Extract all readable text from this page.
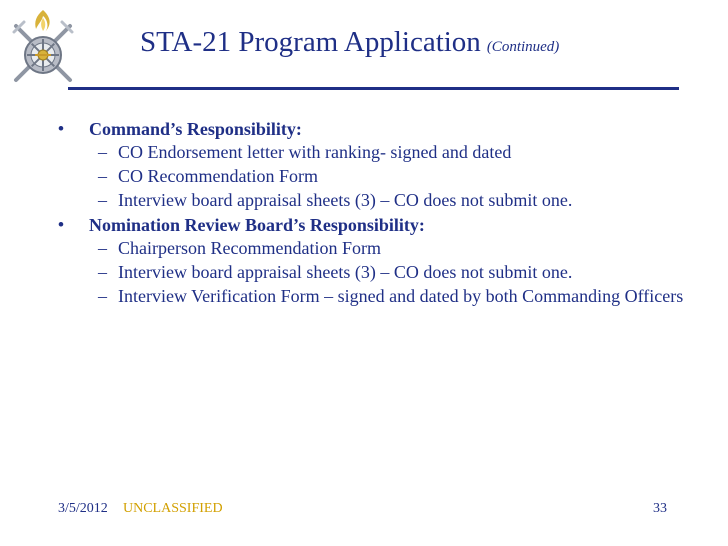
STA-21 Program Application (Continued)
• Command’s Responsibility:
– CO Endorsement letter with ranking- signed and dated
– CO Recommendation Form
– Interview board appraisal sheets (3) – CO does not submit one.
• Nomination Review Board’s Responsibility:
– Chairperson Recommendation Form
– Interview board appraisal sheets (3) – CO does not submit one.
– Interview Verification Form – signed and dated by both Commanding Officers
3/5/2012 UNCLASSIFIED	33
